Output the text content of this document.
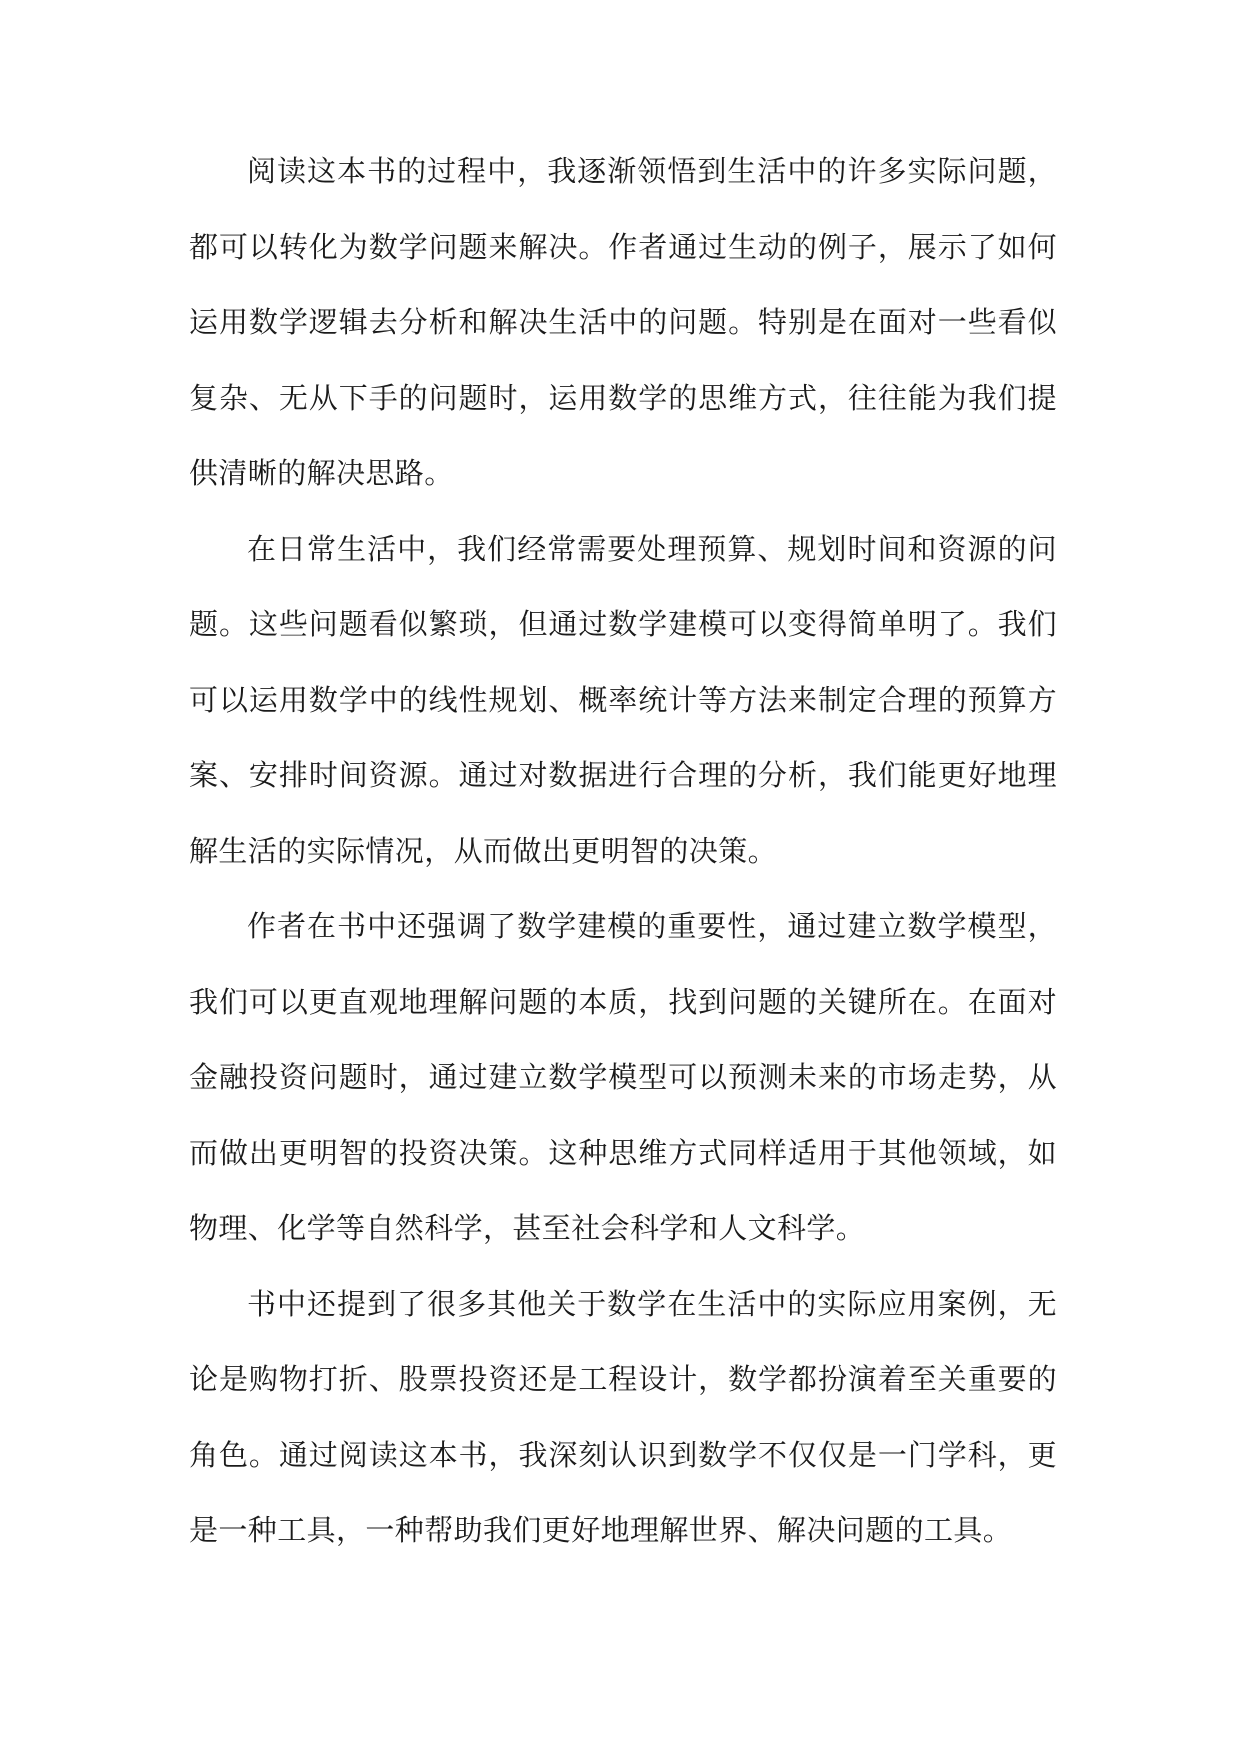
阅读这本书的过程中，我逐渐领悟到生活中的许多实际问题，都可以转化为数学问题来解决。作者通过生动的例子，展示了如何运用数学逻辑去分析和解决生活中的问题。特别是在面对一些看似复杂、无从下手的问题时，运用数学的思维方式，往往能为我们提供清晰的解决思路。

在日常生活中，我们经常需要处理预算、规划时间和资源的问题。这些问题看似繁琐，但通过数学建模可以变得简单明了。我们可以运用数学中的线性规划、概率统计等方法来制定合理的预算方案、安排时间资源。通过对数据进行合理的分析，我们能更好地理解生活的实际情况，从而做出更明智的决策。

作者在书中还强调了数学建模的重要性，通过建立数学模型，我们可以更直观地理解问题的本质，找到问题的关键所在。在面对金融投资问题时，通过建立数学模型可以预测未来的市场走势，从而做出更明智的投资决策。这种思维方式同样适用于其他领域，如物理、化学等自然科学，甚至社会科学和人文科学。

书中还提到了很多其他关于数学在生活中的实际应用案例，无论是购物打折、股票投资还是工程设计，数学都扮演着至关重要的角色。通过阅读这本书，我深刻认识到数学不仅仅是一门学科，更是一种工具，一种帮助我们更好地理解世界、解决问题的工具。
